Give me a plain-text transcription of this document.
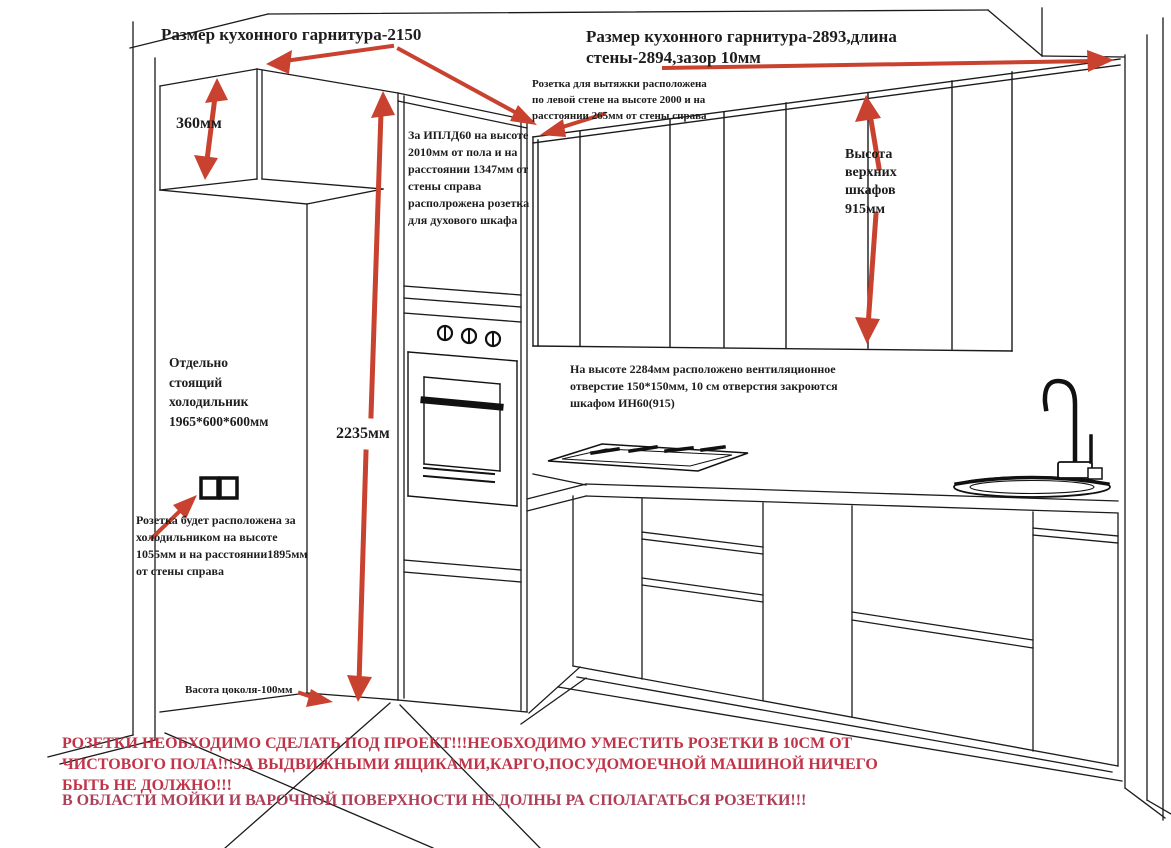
Размер кухонного гарнитура-2150	Размер кухонного гарнитура-2893,длина стены-2894,зазор 10мм
Розетка для вытяжки расположена по левой стене на высоте 2000 и на расстоянии 265мм от стены справа
За ИПЛД60 на высоте 2010мм от пола и на расстоянии 1347мм от стены справа располрожена розетка для духового шкафа
Высота верхних шкафов 915мм
360мм
Отдельно стоящий холодильник 1965*600*600мм
2235мм
На высоте 2284мм расположено вентиляционное отверстие 150*150мм, 10 см отверстия закроются шкафом ИН60(915)
Розетка будет расположена за холодильником на высоте 1055мм и на расстоянии1895мм от стены справа
Васота цоколя-100мм
РОЗЕТКИ НЕОБХОДИМО СДЕЛАТЬ ПОД ПРОЕКТ!!!НЕОБХОДИМО УМЕСТИТЬ РОЗЕТКИ В 10СМ ОТ
ЧИСТОВОГО ПОЛА!!!ЗА ВЫДВИЖНЫМИ ЯЩИКАМИ,КАРГО,ПОСУДОМОЕЧНОЙ МАШИНОЙ НИЧЕГО
БЫТЬ НЕ ДОЛЖНО!!!
В ОБЛАСТИ МОЙКИ И ВАРОЧНОЙ ПОВЕРХНОСТИ НЕ ДОЛНЫ РА СПОЛАГАТЬСЯ РОЗЕТКИ!!!
